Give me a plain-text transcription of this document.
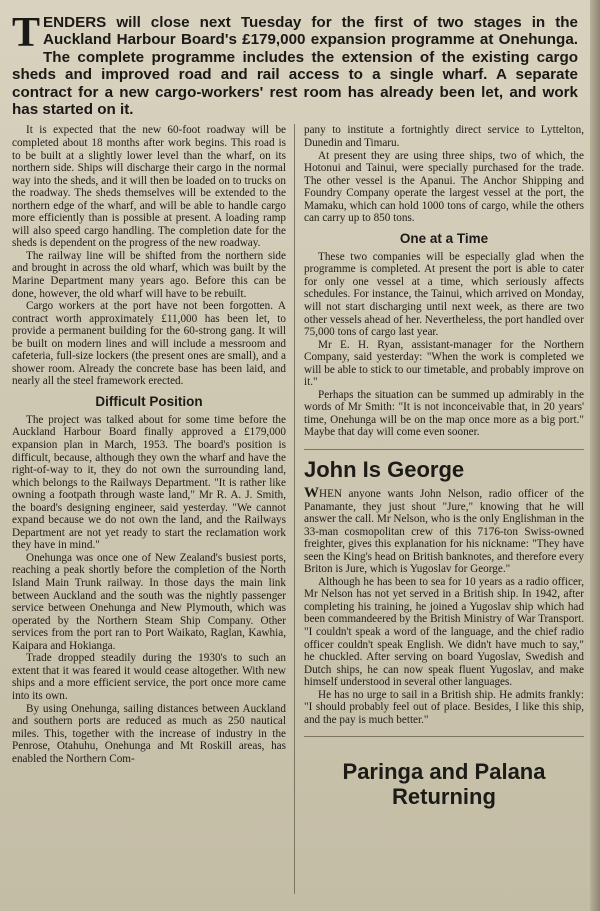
TENDERS will close next Tuesday for the first of two stages in the Auckland Harbour Board's £179,000 expansion programme at Onehunga. The complete programme includes the extension of the existing cargo sheds and improved road and rail access to a single wharf. A separate contract for a new cargo-workers' rest room has already been let, and work has started on it.

It is expected that the new 60-foot roadway will be completed about 18 months after work begins. This road is to be built at a slightly lower level than the wharf, on its northern side. Ships will discharge their cargo in the normal way into the sheds, and it will then be loaded on to trucks on the roadway. The sheds themselves will be extended to the northern edge of the wharf, and will be able to handle cargo more efficiently than is possible at present. A loading ramp will also speed cargo handling. The completion date for the sheds is dependent on the progress of the new roadway.

The railway line will be shifted from the northern side and brought in across the old wharf, which was built by the Marine Department many years ago. Before this can be done, however, the old wharf will have to be rebuilt.

Cargo workers at the port have not been forgotten. A contract worth approximately £11,000 has been let, to provide a permanent building for the 60-strong gang. It will be built on modern lines and will include a messroom and cafeteria, full-size lockers (the present ones are small), and a shower room. Already the concrete base has been laid, and nearly all the steel framework erected.

Difficult Position

The project was talked about for some time before the Auckland Harbour Board finally approved a £179,000 expansion plan in March, 1953. The board's position is difficult, because, although they own the wharf and have the right-of-way to it, they do not own the surrounding land, which belongs to the Railways Department. "It is rather like owning a footpath through waste land," Mr R. A. J. Smith, the board's designing engineer, said yesterday. "We cannot expand because we do not own the land, and the Railways Department are not yet ready to start the reclamation work they have in mind."

Onehunga was once one of New Zealand's busiest ports, reaching a peak shortly before the completion of the North Island Main Trunk railway. In those days the main link between Auckland and the south was the nightly passenger service between Onehunga and New Plymouth, which was operated by the Northern Steam Ship Company. Other services from the port ran to Port Waikato, Raglan, Kawhia, Kaipara and Hokianga.

Trade dropped steadily during the 1930's to such an extent that it was feared it would cease altogether. With new ships and a more efficient service, the port once more came into its own.

By using Onehunga, sailing distances between Auckland and southern ports are reduced as much as 250 nautical miles. This, together with the increase of industry in the Penrose, Otahuhu, Onehunga and Mt Roskill areas, has enabled the Northern Com-

pany to institute a fortnightly direct service to Lyttelton, Dunedin and Timaru.

At present they are using three ships, two of which, the Hotonui and Tainui, were specially purchased for the trade. The other vessel is the Apanui. The Anchor Shipping and Foundry Company operate the largest vessel at the port, the Mamaku, which can hold 1000 tons of cargo, while the others can carry up to 850 tons.

One at a Time

These two companies will be especially glad when the programme is completed. At present the port is able to cater for only one vessel at a time, which seriously affects schedules. For instance, the Tainui, which arrived on Monday, will not start discharging until next week, as there are two other vessels ahead of her. Nevertheless, the port handled over 75,000 tons of cargo last year.

Mr E. H. Ryan, assistant-manager for the Northern Company, said yesterday: "When the work is completed we will be able to stick to our timetable, and probably improve on it."

Perhaps the situation can be summed up admirably in the words of Mr Smith: "It is not inconceivable that, in 20 years' time, Onehunga will be on the map once more as a big port." Maybe that day will come even sooner.

John Is George

WHEN anyone wants John Nelson, radio officer of the Panamante, they just shout "Jure," knowing that he will answer the call. Mr Nelson, who is the only Englishman in the 33-man cosmopolitan crew of this 7176-ton Swiss-owned freighter, gives this explanation for his nickname: "They have seen the King's head on British banknotes, and therefore every Briton is Jure, which is Yugoslav for George."

Although he has been to sea for 10 years as a radio officer, Mr Nelson has not yet served in a British ship. In 1942, after completing his training, he joined a Yugoslav ship which had been commandeered by the British Ministry of War Transport. "I couldn't speak a word of the language, and the chief radio officer couldn't speak English. We didn't have much to say," he chuckled. After serving on board Yugoslav, Swedish and Dutch ships, he can now speak fluent Yugoslav, and make himself understood in several other languages.

He has no urge to sail in a British ship. He admits frankly: "I should probably feel out of place. Besides, I like this ship, and the pay is much better."

Paringa and Palana Returning
